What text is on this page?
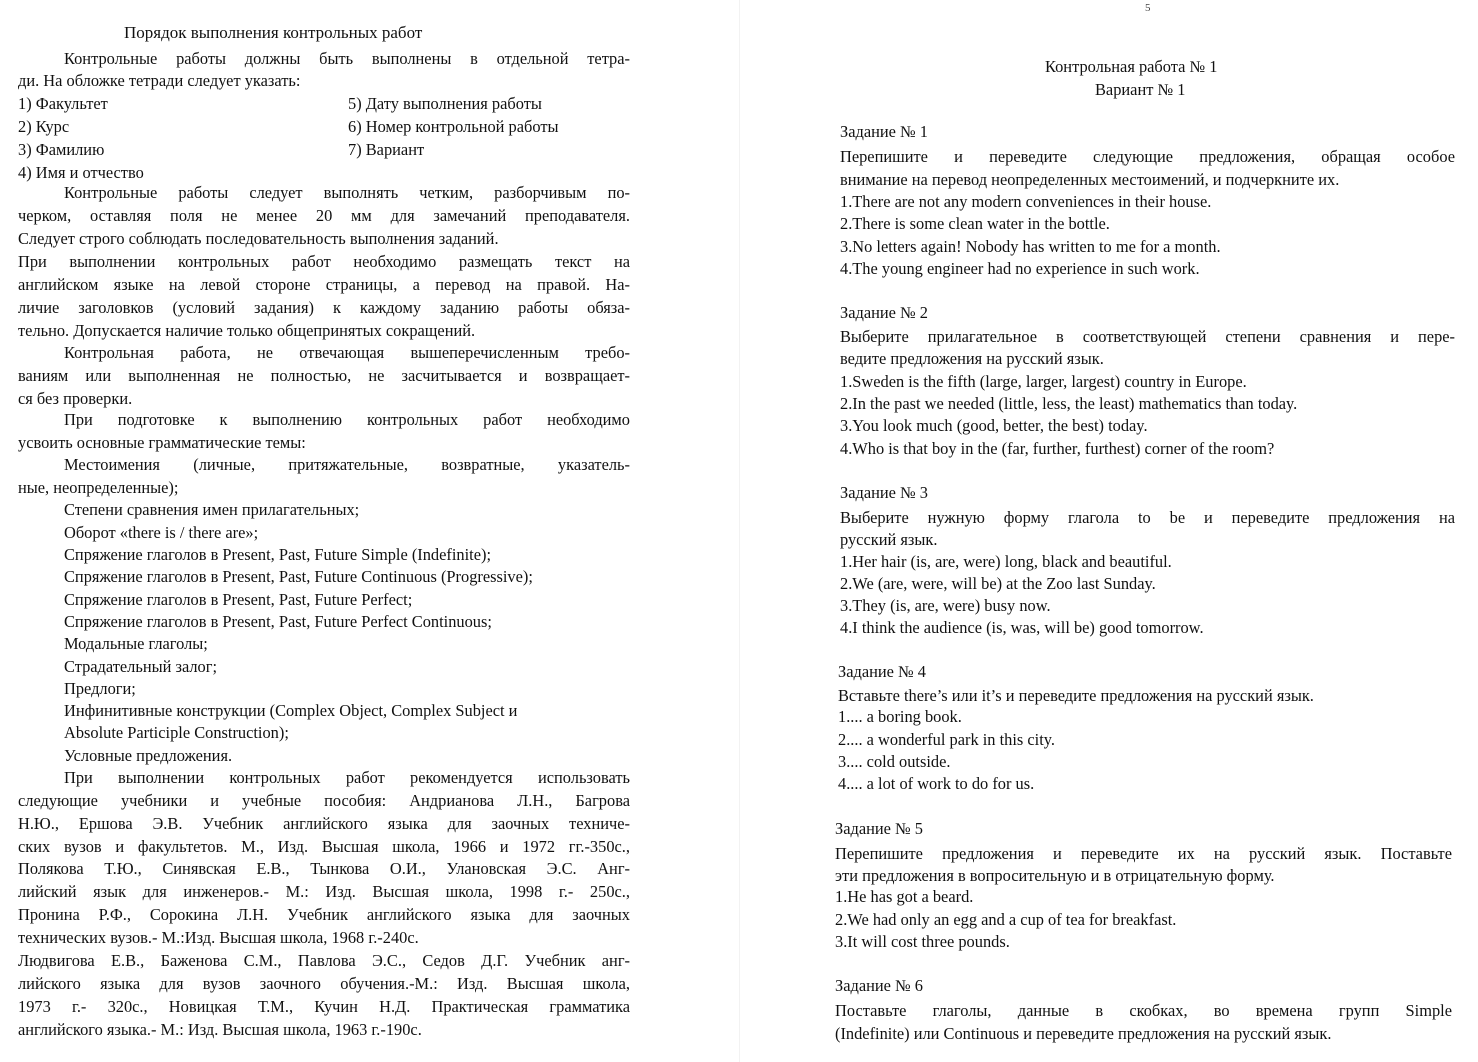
Порядок выполнения контрольных работ
Контрольные работы должны быть выполнены в отдельной тетра-
ди. На обложке тетради следует указать:
1) Факультет
2) Курс
3) Фамилию
4) Имя и отчество
5) Дату выполнения работы
6) Номер контрольной работы
7) Вариант
Контрольные работы следует выполнять четким, разборчивым по-
черком, оставляя поля не менее 20 мм для замечаний преподавателя.
Следует строго соблюдать последовательность выполнения заданий.
При выполнении контрольных работ необходимо размещать текст на
английском языке на левой стороне страницы, а перевод на правой. На-
личие заголовков (условий задания) к каждому заданию работы обяза-
тельно. Допускается наличие только общепринятых сокращений.
Контрольная работа, не отвечающая вышеперечисленным требо-
ваниям или выполненная не полностью, не засчитывается и возвращает-
ся без проверки.
При подготовке к выполнению контрольных работ необходимо
усвоить основные грамматические темы:
Местоимения (личные, притяжательные, возвратные, указатель-
ные, неопределенные);
Степени сравнения имен прилагательных;
Оборот «there is / there are»;
Спряжение глаголов в Present, Past, Future Simple (Indefinite);
Спряжение глаголов в Present, Past, Future Continuous (Progressive);
Спряжение глаголов в Present, Past, Future Perfect;
Спряжение глаголов в Present, Past, Future Perfect Continuous;
Модальные глаголы;
Страдательный залог;
Предлоги;
Инфинитивные конструкции (Complex Object, Complex Subject и
Absolute Participle Construction);
Условные предложения.
При выполнении контрольных работ рекомендуется использовать
следующие учебники и учебные пособия: Андрианова Л.Н., Багрова
Н.Ю., Ершова Э.В. Учебник английского языка для заочных техниче-
ских вузов и факультетов. М., Изд. Высшая школа, 1966 и 1972 гг.-350с.,
Полякова Т.Ю., Синявская Е.В., Тынкова О.И., Улановская Э.С. Анг-
лийский язык для инженеров.- М.: Изд. Высшая школа, 1998 г.- 250с.,
Пронина Р.Ф., Сорокина Л.Н. Учебник английского языка для заочных
технических вузов.- М.:Изд. Высшая школа, 1968 г.-240с.
Людвигова Е.В., Баженова С.М., Павлова Э.С., Седов Д.Г. Учебник анг-
лийского языка для вузов заочного обучения.-М.: Изд. Высшая школа,
1973 г.- 320с., Новицкая Т.М., Кучин Н.Д. Практическая грамматика
английского языка.- М.: Изд. Высшая школа, 1963 г.-190с.
5
Контрольная работа № 1
Вариант № 1
Задание № 1
Перепишите и переведите следующие предложения, обращая особое
внимание на перевод неопределенных местоимений, и подчеркните их.
1.There are not any modern conveniences in their house.
2.There is some clean water in the bottle.
3.No letters again! Nobody has written to me for a month.
4.The young engineer had no experience in such work.
Задание № 2
Выберите прилагательное в соответствующей степени сравнения и пере-
ведите предложения на русский язык.
1.Sweden is the fifth (large, larger, largest) country in Europe.
2.In the past we needed (little, less, the least) mathematics than today.
3.You look much (good, better, the best) today.
4.Who is that boy in the (far, further, furthest) corner of the room?
Задание № 3
Выберите нужную форму глагола to be и переведите предложения на
русский язык.
1.Her hair (is, are, were) long, black and beautiful.
2.We (are, were, will be) at the Zoo last Sunday.
3.They (is, are, were) busy now.
4.I think the audience (is, was, will be) good tomorrow.
Задание № 4
Вставьте there’s или it’s и переведите предложения на русский язык.
1.... a boring book.
2.... a wonderful park in this city.
3.... cold outside.
4.... a lot of work to do for us.
Задание № 5
Перепишите предложения и переведите их на русский язык. Поставьте
эти предложения в вопросительную и в отрицательную форму.
1.He has got a beard.
2.We had only an egg and a cup of tea for breakfast.
3.It will cost three pounds.
Задание № 6
Поставьте глаголы, данные в скобках, во времена групп Simple
(Indefinite) или Continuous и переведите предложения на русский язык.
